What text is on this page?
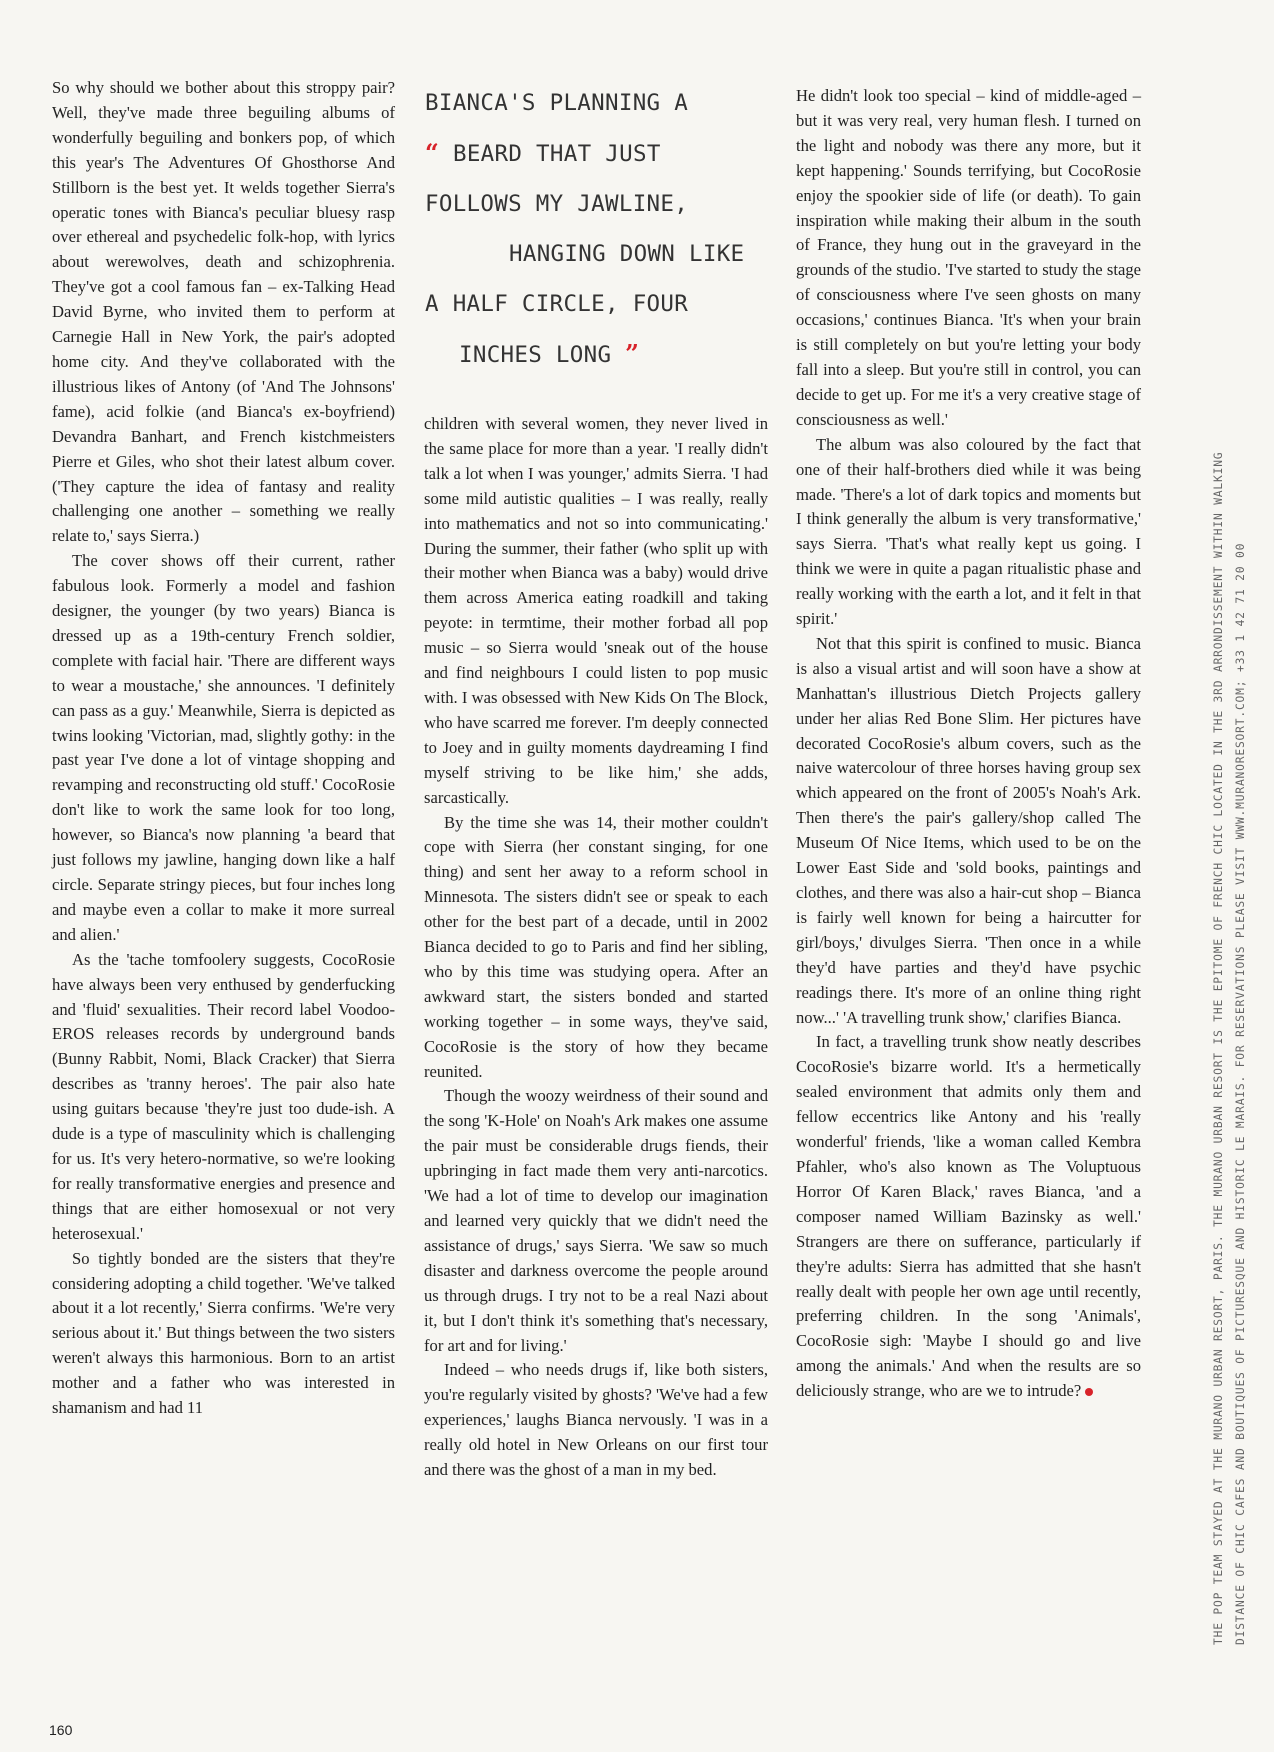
BIANCA'S PLANNING A
“ BEARD THAT JUST
FOLLOWS MY JAWLINE,
HANGING DOWN LIKE
A HALF CIRCLE, FOUR
INCHES LONG ”

So why should we bother about this stroppy pair? Well, they've made three beguiling albums of wonderfully beguiling and bonkers pop, of which this year's The Adventures Of Ghosthorse And Stillborn is the best yet. It welds together Sierra's operatic tones with Bianca's peculiar bluesy rasp over ethereal and psychedelic folk-hop, with lyrics about werewolves, death and schizophrenia. They've got a cool famous fan – ex-Talking Head David Byrne, who invited them to perform at Carnegie Hall in New York, the pair's adopted home city. And they've collaborated with the illustrious likes of Antony (of 'And The Johnsons' fame), acid folkie (and Bianca's ex-boyfriend) Devandra Banhart, and French kistchmeisters Pierre et Giles, who shot their latest album cover. ('They capture the idea of fantasy and reality challenging one another – something we really relate to,' says Sierra.)

The cover shows off their current, rather fabulous look. Formerly a model and fashion designer, the younger (by two years) Bianca is dressed up as a 19th-century French soldier, complete with facial hair. 'There are different ways to wear a moustache,' she announces. 'I definitely can pass as a guy.' Meanwhile, Sierra is depicted as twins looking 'Victorian, mad, slightly gothy: in the past year I've done a lot of vintage shopping and revamping and reconstructing old stuff.' CocoRosie don't like to work the same look for too long, however, so Bianca's now planning 'a beard that just follows my jawline, hanging down like a half circle. Separate stringy pieces, but four inches long and maybe even a collar to make it more surreal and alien.'

As the 'tache tomfoolery suggests, CocoRosie have always been very enthused by genderfucking and 'fluid' sexualities. Their record label Voodoo-EROS releases records by underground bands (Bunny Rabbit, Nomi, Black Cracker) that Sierra describes as 'tranny heroes'. The pair also hate using guitars because 'they're just too dude-ish. A dude is a type of masculinity which is challenging for us. It's very hetero-normative, so we're looking for really transformative energies and presence and things that are either homosexual or not very heterosexual.'

So tightly bonded are the sisters that they're considering adopting a child together. 'We've talked about it a lot recently,' Sierra confirms. 'We're very serious about it.' But things between the two sisters weren't always this harmonious. Born to an artist mother and a father who was interested in shamanism and had 11

children with several women, they never lived in the same place for more than a year. 'I really didn't talk a lot when I was younger,' admits Sierra. 'I had some mild autistic qualities – I was really, really into mathematics and not so into communicating.' During the summer, their father (who split up with their mother when Bianca was a baby) would drive them across America eating roadkill and taking peyote: in termtime, their mother forbad all pop music – so Sierra would 'sneak out of the house and find neighbours I could listen to pop music with. I was obsessed with New Kids On The Block, who have scarred me forever. I'm deeply connected to Joey and in guilty moments daydreaming I find myself striving to be like him,' she adds, sarcastically.

By the time she was 14, their mother couldn't cope with Sierra (her constant singing, for one thing) and sent her away to a reform school in Minnesota. The sisters didn't see or speak to each other for the best part of a decade, until in 2002 Bianca decided to go to Paris and find her sibling, who by this time was studying opera. After an awkward start, the sisters bonded and started working together – in some ways, they've said, CocoRosie is the story of how they became reunited.

Though the woozy weirdness of their sound and the song 'K-Hole' on Noah's Ark makes one assume the pair must be considerable drugs fiends, their upbringing in fact made them very anti-narcotics. 'We had a lot of time to develop our imagination and learned very quickly that we didn't need the assistance of drugs,' says Sierra. 'We saw so much disaster and darkness overcome the people around us through drugs. I try not to be a real Nazi about it, but I don't think it's something that's necessary, for art and for living.'

Indeed – who needs drugs if, like both sisters, you're regularly visited by ghosts? 'We've had a few experiences,' laughs Bianca nervously. 'I was in a really old hotel in New Orleans on our first tour and there was the ghost of a man in my bed.

He didn't look too special – kind of middle-aged – but it was very real, very human flesh. I turned on the light and nobody was there any more, but it kept happening.' Sounds terrifying, but CocoRosie enjoy the spookier side of life (or death). To gain inspiration while making their album in the south of France, they hung out in the graveyard in the grounds of the studio. 'I've started to study the stage of consciousness where I've seen ghosts on many occasions,' continues Bianca. 'It's when your brain is still completely on but you're letting your body fall into a sleep. But you're still in control, you can decide to get up. For me it's a very creative stage of consciousness as well.'

The album was also coloured by the fact that one of their half-brothers died while it was being made. 'There's a lot of dark topics and moments but I think generally the album is very transformative,' says Sierra. 'That's what really kept us going. I think we were in quite a pagan ritualistic phase and really working with the earth a lot, and it felt in that spirit.'

Not that this spirit is confined to music. Bianca is also a visual artist and will soon have a show at Manhattan's illustrious Dietch Projects gallery under her alias Red Bone Slim. Her pictures have decorated CocoRosie's album covers, such as the naive watercolour of three horses having group sex which appeared on the front of 2005's Noah's Ark. Then there's the pair's gallery/shop called The Museum Of Nice Items, which used to be on the Lower East Side and 'sold books, paintings and clothes, and there was also a hair-cut shop – Bianca is fairly well known for being a haircutter for girl/boys,' divulges Sierra. 'Then once in a while they'd have parties and they'd have psychic readings there. It's more of an online thing right now...' 'A travelling trunk show,' clarifies Bianca.

In fact, a travelling trunk show neatly describes CocoRosie's bizarre world. It's a hermetically sealed environment that admits only them and fellow eccentrics like Antony and his 'really wonderful' friends, 'like a woman called Kembra Pfahler, who's also known as The Voluptuous Horror Of Karen Black,' raves Bianca, 'and a composer named William Bazinsky as well.' Strangers are there on sufferance, particularly if they're adults: Sierra has admitted that she hasn't really dealt with people her own age until recently, preferring children. In the song 'Animals', CocoRosie sigh: 'Maybe I should go and live among the animals.' And when the results are so deliciously strange, who are we to intrude?	THE POP TEAM STAYED AT THE MURANO URBAN RESORT, PARIS. THE MURANO URBAN RESORT IS THE EPITOME OF FRENCH CHIC LOCATED IN THE 3RD ARRONDISSEMENT WITHIN WALKING DISTANCE OF CHIC CAFES AND BOUTIQUES OF PICTURESQUE AND HISTORIC LE MARAIS. FOR RESERVATIONS PLEASE VISIT WWW.MURANORESORT.COM; +33 1 42 71 20 00
160
